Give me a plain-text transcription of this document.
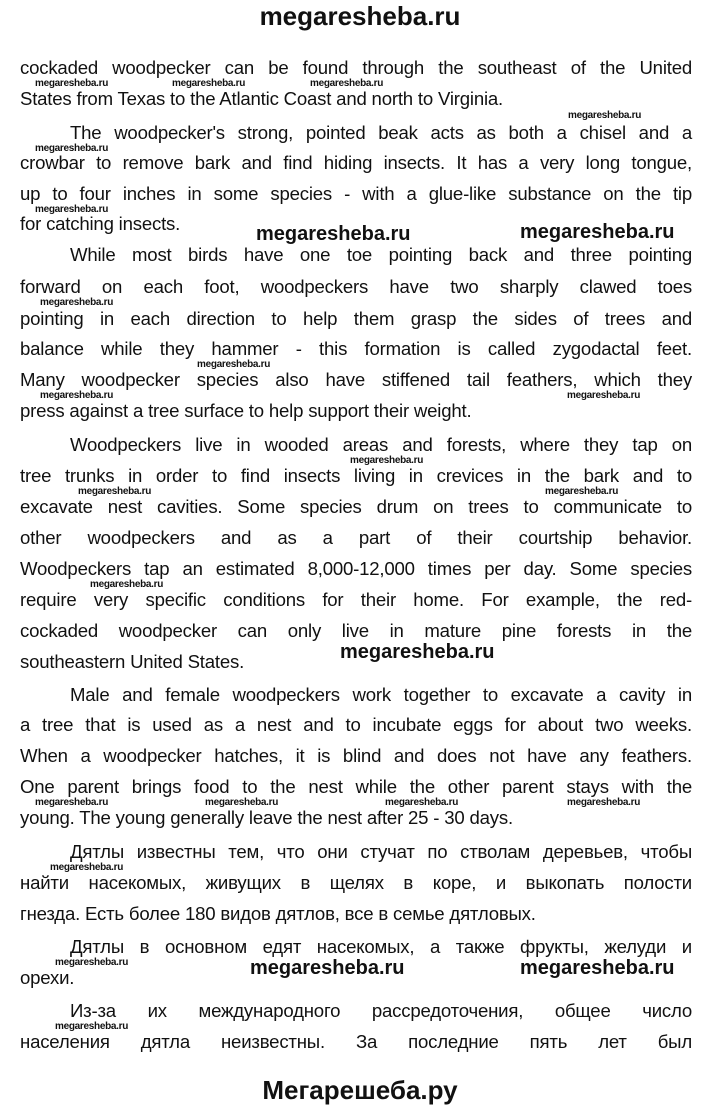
megaresheba.ru
cockaded woodpecker can be found through the southeast of the United
States from Texas to the Atlantic Coast and north to Virginia.
The woodpecker's strong, pointed beak acts as both a chisel and a
crowbar to remove bark and find hiding insects. It has a very long tongue,
up to four inches in some species - with a glue-like substance on the tip
for catching insects.
While most birds have one toe pointing back and three pointing
forward on each foot, woodpeckers have two sharply clawed toes
pointing in each direction to help them grasp the sides of trees and
balance while they hammer - this formation is called zygodactal feet.
Many woodpecker species also have stiffened tail feathers, which they
press against a tree surface to help support their weight.
Woodpeckers live in wooded areas and forests, where they tap on
tree trunks in order to find insects living in crevices in the bark and to
excavate nest cavities. Some species drum on trees to communicate to
other woodpeckers and as a part of their courtship behavior.
Woodpeckers tap an estimated 8,000-12,000 times per day. Some species
require very specific conditions for their home. For example, the red-
cockaded woodpecker can only live in mature pine forests in the
southeastern United States.
Male and female woodpeckers work together to excavate a cavity in
a tree that is used as a nest and to incubate eggs for about two weeks.
When a woodpecker hatches, it is blind and does not have any feathers.
One parent brings food to the nest while the other parent stays with the
young. The young generally leave the nest after 25 - 30 days.
Дятлы известны тем, что они стучат по стволам деревьев, чтобы
найти насекомых, живущих в щелях в коре, и выкопать полости
гнезда. Есть более 180 видов дятлов, все в семье дятловых.
Дятлы в основном едят насекомых, а также фрукты, желуди и
орехи.
Из-за их международного рассредоточения, общее число
населения дятла неизвестны. За последние пять лет был
megaresheba.ru	megaresheba.ru	megaresheba.ru
megaresheba.ru
megaresheba.ru
megaresheba.ru
megaresheba.ru
megaresheba.ru
megaresheba.ru	megaresheba.ru
megaresheba.ru
megaresheba.ru	megaresheba.ru
megaresheba.ru
megaresheba.ru	megaresheba.ru	megaresheba.ru	megaresheba.ru
megaresheba.ru
megaresheba.ru
megaresheba.ru
megaresheba.ru	megaresheba.ru
megaresheba.ru
megaresheba.ru	megaresheba.ru
Мегарешеба.ру
